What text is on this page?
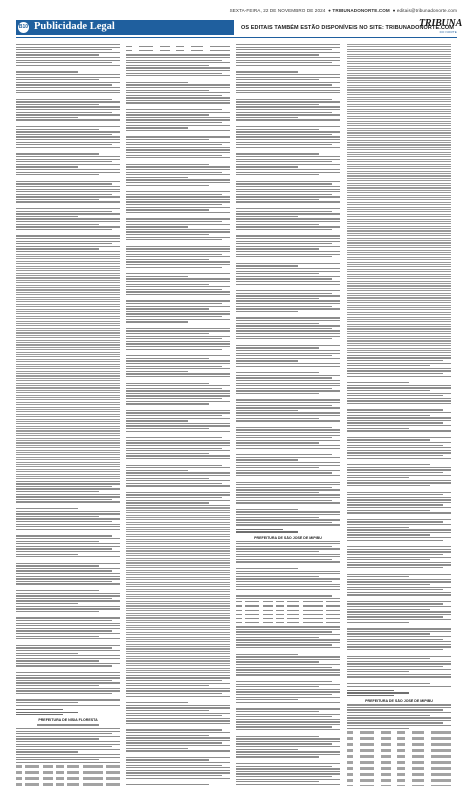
SEXTA-FEIRA, 22 DE NOVEMBRO DE 2024  ● TRIBUNADONORTE.COM  ● editais@tribunadonorte.com
B10 Publicidade Legal	OS EDITAIS TAMBÉM ESTÃO DISPONÍVEIS NO SITE: TRIBUNADONORTE.COM
TRIBUNA
DO NORTE
PREFEITURA DE NÍSIA FLORESTA
PREFEITURA DE SÃO JOSÉ DE MIPIBU
PREFEITURA DE SÃO JOSÉ DE MIPIBU
